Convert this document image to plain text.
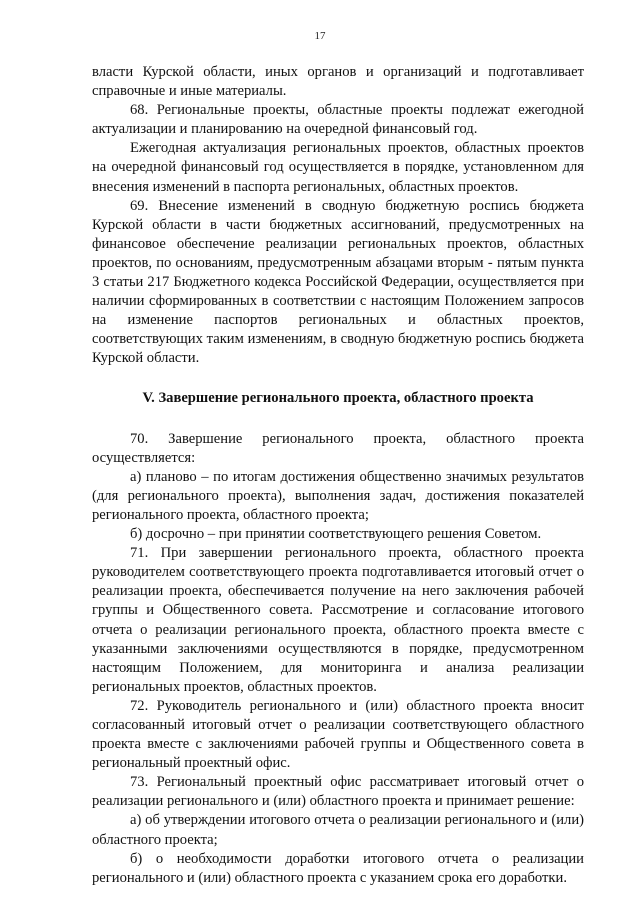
17

власти Курской области, иных органов и организаций и подготавливает справочные и иные материалы.

68. Региональные проекты, областные проекты подлежат ежегодной актуализации и планированию на очередной финансовый год.

Ежегодная актуализация региональных проектов, областных проектов на очередной финансовый год осуществляется в порядке, установленном для внесения изменений в паспорта региональных, областных проектов.

69. Внесение изменений в сводную бюджетную роспись бюджета Курской области в части бюджетных ассигнований, предусмотренных на финансовое обеспечение реализации региональных проектов, областных проектов, по основаниям, предусмотренным абзацами вторым - пятым пункта 3 статьи 217 Бюджетного кодекса Российской Федерации, осуществляется при наличии сформированных в соответствии с настоящим Положением запросов на изменение паспортов региональных и областных проектов, соответствующих таким изменениям, в сводную бюджетную роспись бюджета Курской области.

V. Завершение регионального проекта, областного проекта

70. Завершение регионального проекта, областного проекта осуществляется:

а) планово – по итогам достижения общественно значимых результатов (для регионального проекта), выполнения задач, достижения показателей регионального проекта, областного проекта;

б) досрочно – при принятии соответствующего решения Советом.

71. При завершении регионального проекта, областного проекта руководителем соответствующего проекта подготавливается итоговый отчет о реализации проекта, обеспечивается получение на него заключения рабочей группы и Общественного совета. Рассмотрение и согласование итогового отчета о реализации регионального проекта, областного проекта вместе с указанными заключениями осуществляются в порядке, предусмотренном настоящим Положением, для мониторинга и анализа реализации региональных проектов, областных проектов.

72. Руководитель регионального и (или) областного проекта вносит согласованный итоговый отчет о реализации соответствующего областного проекта вместе с заключениями рабочей группы и Общественного совета в региональный проектный офис.

73. Региональный проектный офис рассматривает итоговый отчет о реализации регионального и (или) областного проекта и принимает решение:

а) об утверждении итогового отчета о реализации регионального и (или) областного проекта;

б) о необходимости доработки итогового отчета о реализации регионального и (или) областного проекта с указанием срока его доработки.
